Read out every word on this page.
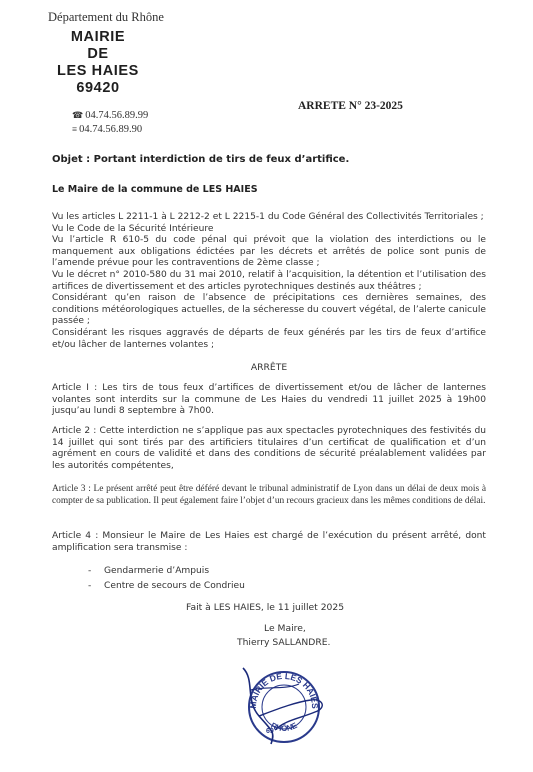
Département du Rhône
MAIRIE
DE
LES HAIES
69420
☎ 04.74.56.89.99
≡ 04.74.56.89.90
ARRETE N° 23-2025
Objet : Portant interdiction de tirs de feux d’artifice.
Le Maire de la commune de LES HAIES

Vu les articles L 2211-1 à L 2212-2 et L 2215-1 du Code Général des Collectivités Territoriales ;

Vu le Code de la Sécurité Intérieure

Vu l’article R 610-5 du code pénal qui prévoit que la violation des interdictions ou le manquement aux obligations édictées par les décrets et arrêtés de police sont punis de l’amende prévue pour les contraventions de 2ème classe ;

Vu le décret n° 2010-580 du 31 mai 2010, relatif à l’acquisition, la détention et l’utilisation des artifices de divertissement et des articles pyrotechniques destinés aux théâtres ;

Considérant qu’en raison de l’absence de précipitations ces dernières semaines, des conditions météorologiques actuelles, de la sécheresse du couvert végétal, de l’alerte canicule passée ;

Considérant les risques aggravés de départs de feux générés par les tirs de feux d’artifice et/ou lâcher de lanternes volantes ;

ARRÊTE
Article I : Les tirs de tous feux d’artifices de divertissement et/ou de lâcher de lanternes volantes sont interdits sur la commune de Les Haies du vendredi 11 juillet 2025 à 19h00 jusqu’au lundi 8 septembre à 7h00.
Article 2 : Cette interdiction ne s’applique pas aux spectacles pyrotechniques des festivités du 14 juillet qui sont tirés par des artificiers titulaires d’un certificat de qualification et d’un agrément en cours de validité et dans des conditions de sécurité préalablement validées par les autorités compétentes,
Article 3 : Le présent arrêté peut être déféré devant le tribunal administratif de Lyon dans un délai de deux mois à compter de sa publication. Il peut également faire l’objet d’un recours gracieux dans les mêmes conditions de délai.
Article 4 : Monsieur le Maire de Les Haies est chargé de l’exécution du présent arrêté, dont amplification sera transmise :
- Gendarmerie d’Ampuis
- Centre de secours de Condrieu
Fait à LES HAIES, le 11 juillet 2025
Le Maire,
Thierry SALLANDRE.
MAIRIE DE LES HAIES
RHÔNE
69
